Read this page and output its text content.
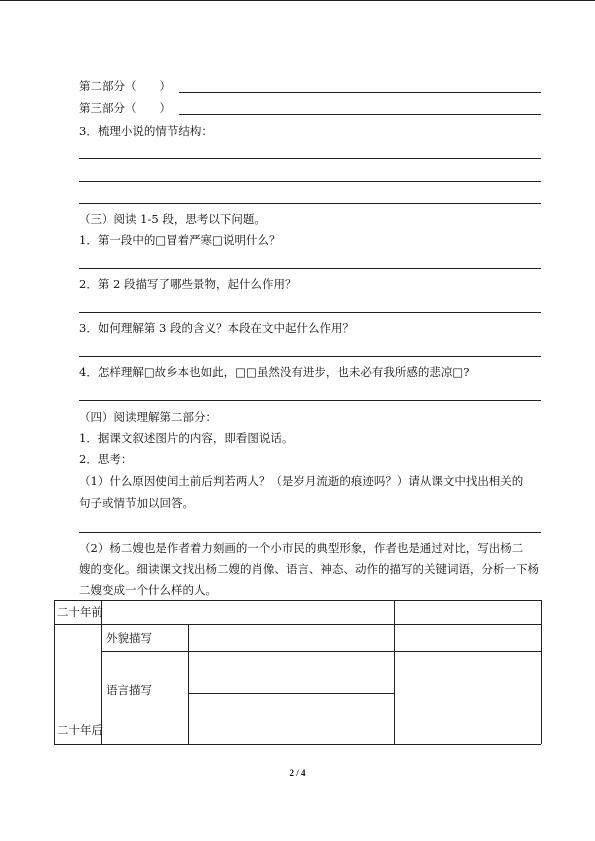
第二部分（　　）
第三部分（　　）
3．梳理小说的情节结构：
（三）阅读 1-5 段，思考以下问题。
1．第一段中的□冒着严寒□说明什么？
2．第 2 段描写了哪些景物，起什么作用？
3．如何理解第 3 段的含义？本段在文中起什么作用？
4．怎样理解□故乡本也如此，□□虽然没有进步，也未必有我所感的悲凉□?
（四）阅读理解第二部分：
1．据课文叙述图片的内容，即看图说话。
2．思考：
（1）什么原因使闰土前后判若两人？（是岁月流逝的痕迹吗？）请从课文中找出相关的
句子或情节加以回答。
（2）杨二嫂也是作者着力刻画的一个小市民的典型形象，作者也是通过对比，写出杨二
嫂的变化。细读课文找出杨二嫂的肖像、语言、神态、动作的描写的关键词语，分析一下杨
二嫂变成一个什么样的人。
二十年前
外貌描写
语言描写
二十年后
2 / 4
